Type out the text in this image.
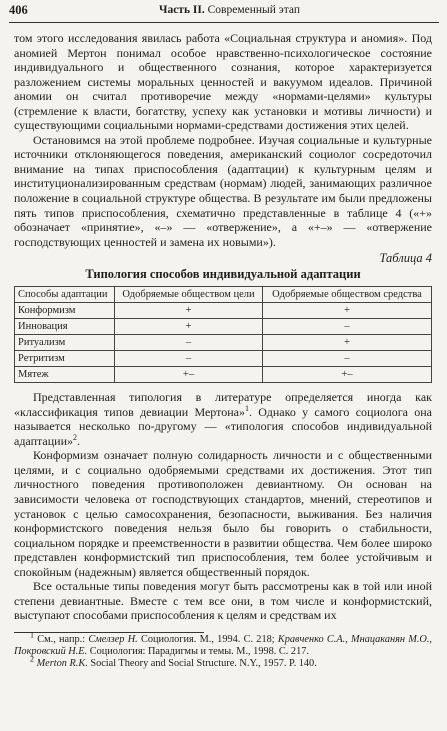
406	Часть II. Современный этап

том этого исследования явилась работа «Социальная структура и аномия». Под аномией Мертон понимал особое нравственно-психологическое состояние индивидуального и общественного сознания, которое характеризуется разложением системы моральных ценностей и вакуумом идеалов. Причиной аномии он считал противоречие между «нормами-целями» культуры (стремление к власти, богатству, успеху как установки и мотивы личности) и существующими социальными нормами-средствами достижения этих целей.

Остановимся на этой проблеме подробнее. Изучая социальные и культурные источники отклоняющегося поведения, американский социолог сосредоточил внимание на типах приспособления (адаптации) к культурным целям и институционализированным средствам (нормам) людей, занимающих различное положение в социальной структуре общества. В результате им были предложены пять типов приспособления, схематично представленные в таблице 4 («+» обозначает «принятие», «–» — «отвержение», а «+–» — «отвержение господствующих ценностей и замена их новыми»).

Таблица 4
Типология способов индивидуальной адаптации
Способы адаптации	Одобряемые обществом цели	Одобряемые обществом средства
Конформизм	+	+
Инновация	+	–
Ритуализм	–	+
Ретритизм	–	–
Мятеж	+–	+–

Представленная типология в литературе определяется иногда как «классификация типов девиации Мертона»$^1$. Однако у самого социолога она называется несколько по-другому — «типология способов индивидуальной адаптации»$^2$.

Конформизм означает полную солидарность личности и с общественными целями, и с социально одобряемыми средствами их достижения. Этот тип личностного поведения противоположен девиантному. Он основан на зависимости человека от господствующих стандартов, мнений, стереотипов и установок с целью самосохранения, безопасности, выживания. Без наличия конформистского поведения нельзя было бы говорить о стабильности, социальном порядке и преемственности в развитии общества. Чем более широко представлен конформистский тип приспособления, тем более устойчивым и спокойным (надежным) является общественный порядок.

Все остальные типы поведения могут быть рассмотрены как в той или иной степени девиантные. Вместе с тем все они, в том числе и конформистский, выступают способами приспособления к целям и средствам их

$^1$ См., напр.: Смелзер Н. Социология. М., 1994. С. 218; Кравченко С.А., Мнацаканян М.О., Покровский Н.Е. Социология: Парадигмы и темы. М., 1998. С. 217.

$^2$ Merton R.K. Social Theory and Social Structure. N.Y., 1957. P. 140.
